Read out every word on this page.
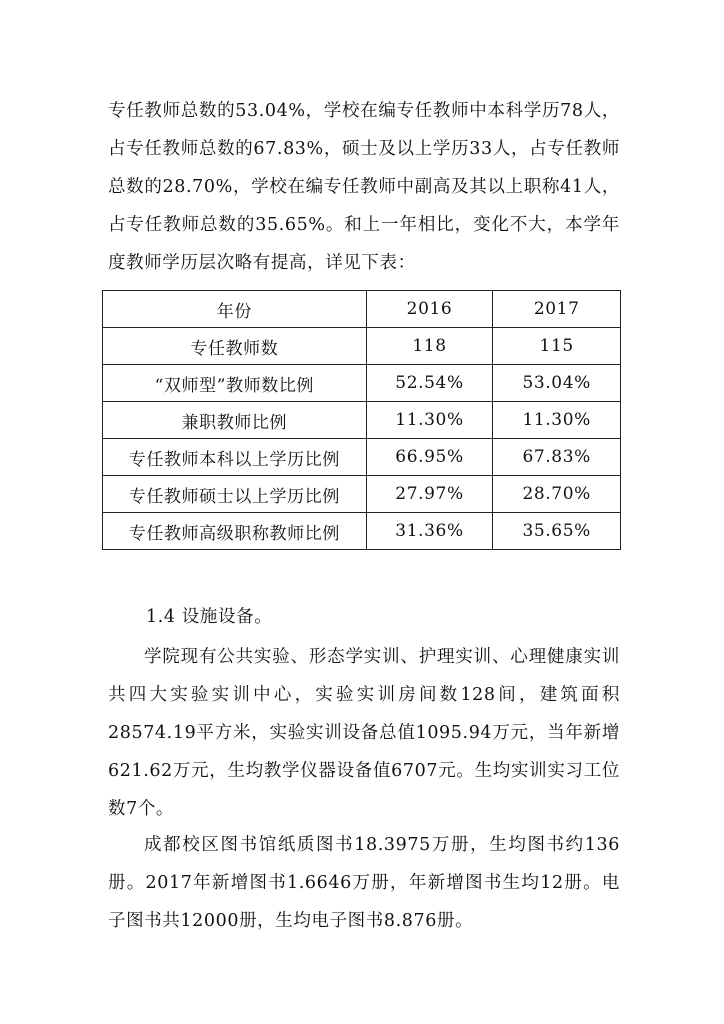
专任教师总数的53.04%，学校在编专任教师中本科学历78人，占专任教师总数的67.83%，硕士及以上学历33人，占专任教师总数的28.70%，学校在编专任教师中副高及其以上职称41人，占专任教师总数的35.65%。和上一年相比，变化不大，本学年度教师学历层次略有提高，详见下表：

年份	2016	2017
专任教师数	118	115
“双师型”教师数比例	52.54%	53.04%
兼职教师比例	11.30%	11.30%
专任教师本科以上学历比例	66.95%	67.83%
专任教师硕士以上学历比例	27.97%	28.70%
专任教师高级职称教师比例	31.36%	35.65%

1.4 设施设备。

学院现有公共实验、形态学实训、护理实训、心理健康实训共四大实验实训中心，实验实训房间数128间，建筑面积28574.19平方米，实验实训设备总值1095.94万元，当年新增621.62万元，生均教学仪器设备值6707元。生均实训实习工位数7个。

成都校区图书馆纸质图书18.3975万册，生均图书约136册。2017年新增图书1.6646万册，年新增图书生均12册。电子图书共12000册，生均电子图书8.876册。
